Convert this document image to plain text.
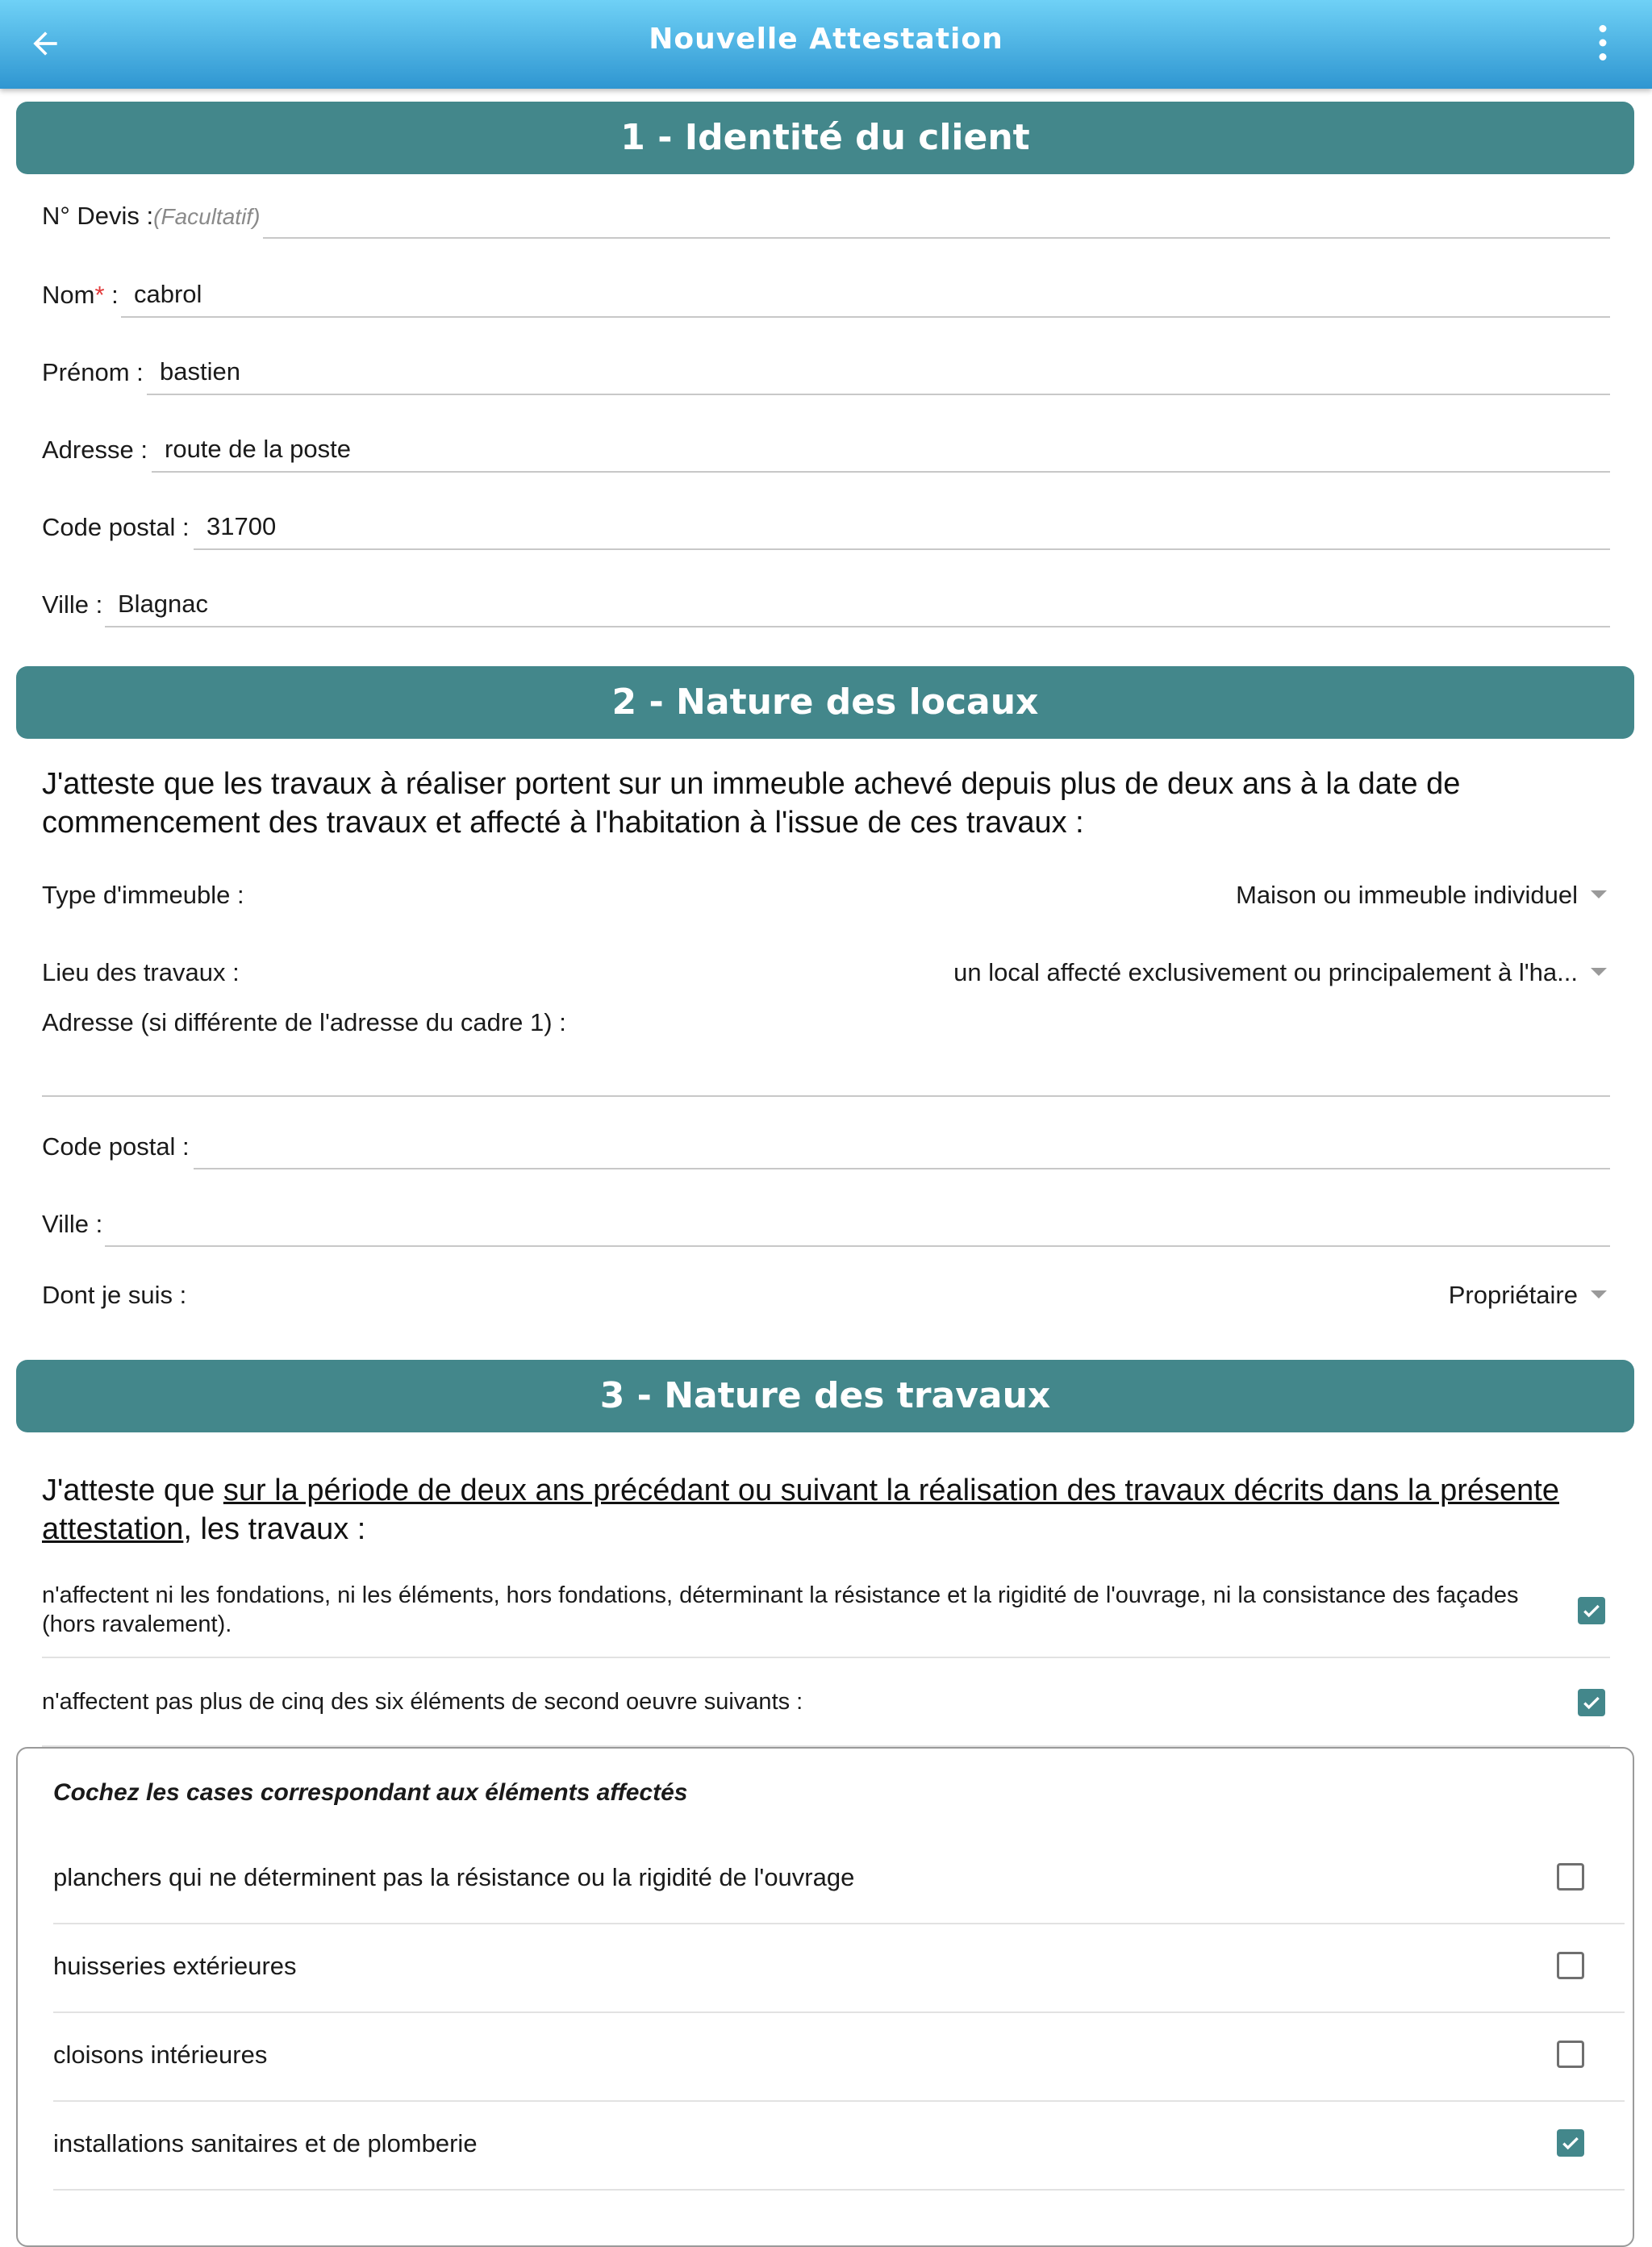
Nouvelle Attestation
1 - Identité du client
N° Devis :(Facultatif)
Nom* :
cabrol
Prénom :
bastien
Adresse :
route de la poste
Code postal :
31700
Ville :
Blagnac
2 - Nature des locaux
J'atteste que les travaux à réaliser portent sur un immeuble achevé depuis plus de deux ans à la date de commencement des travaux et affecté à l'habitation à l'issue de ces travaux :
Type d'immeuble :	Maison ou immeuble individuel
Lieu des travaux :	un local affecté exclusivement ou principalement à l'ha...
Adresse (si différente de l'adresse du cadre 1) :
Code postal :
Ville :
Dont je suis :	Propriétaire
3 - Nature des travaux
J'atteste que sur la période de deux ans précédant ou suivant la réalisation des travaux décrits dans la présente attestation, les travaux :
n'affectent ni les fondations, ni les éléments, hors fondations, déterminant la résistance et la rigidité de l'ouvrage, ni la consistance des façades (hors ravalement).
n'affectent pas plus de cinq des six éléments de second oeuvre suivants :
Cochez les cases correspondant aux éléments affectés
planchers qui ne déterminent pas la résistance ou la rigidité de l'ouvrage
huisseries extérieures
cloisons intérieures
installations sanitaires et de plomberie
